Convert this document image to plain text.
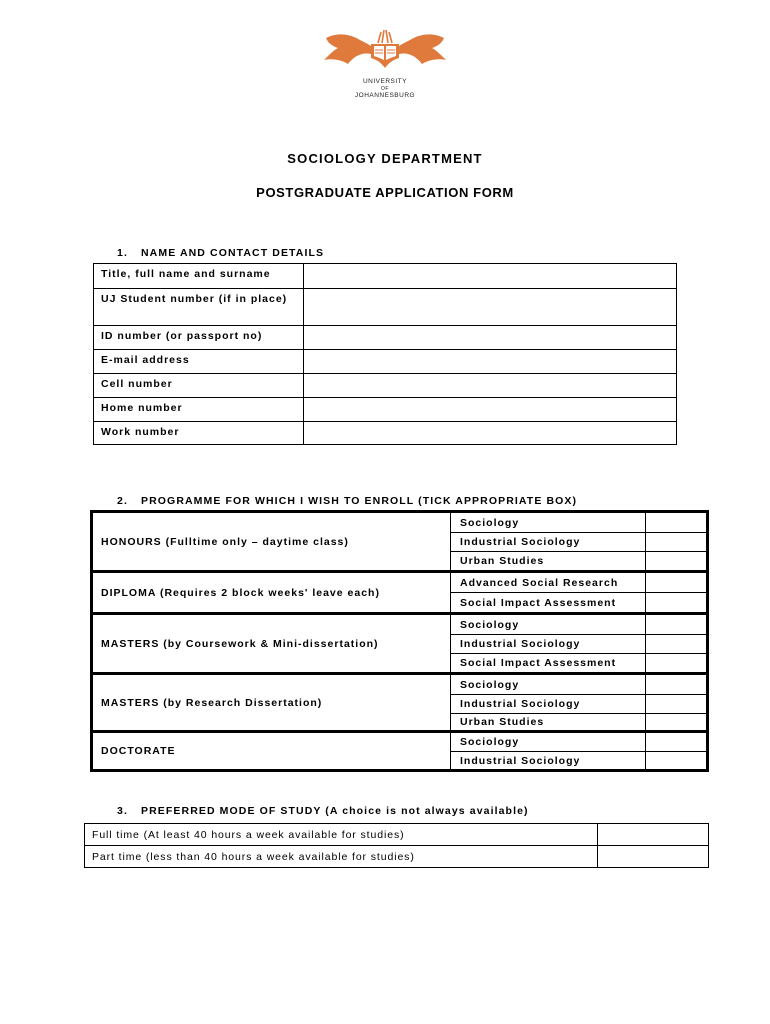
UNIVERSITY
OF
JOHANNESBURG
SOCIOLOGY DEPARTMENT
POSTGRADUATE APPLICATION FORM
1. NAME AND CONTACT DETAILS
Title, full name and surname
UJ Student number (if in place)
ID number (or passport no)
E-mail address
Cell number
Home number
Work number
2. PROGRAMME FOR WHICH I WISH TO ENROLL (TICK APPROPRIATE BOX)
HONOURS (Fulltime only – daytime class)
Sociology
Industrial Sociology
Urban Studies
DIPLOMA (Requires 2 block weeks' leave each)
Advanced Social Research
Social Impact Assessment
MASTERS (by Coursework & Mini-dissertation)
Sociology
Industrial Sociology
Social Impact Assessment
MASTERS (by Research Dissertation)
Sociology
Industrial Sociology
Urban Studies
DOCTORATE
Sociology
Industrial Sociology
3. PREFERRED MODE OF STUDY (A choice is not always available)
Full time (At least 40 hours a week available for studies)
Part time (less than 40 hours a week available for studies)
